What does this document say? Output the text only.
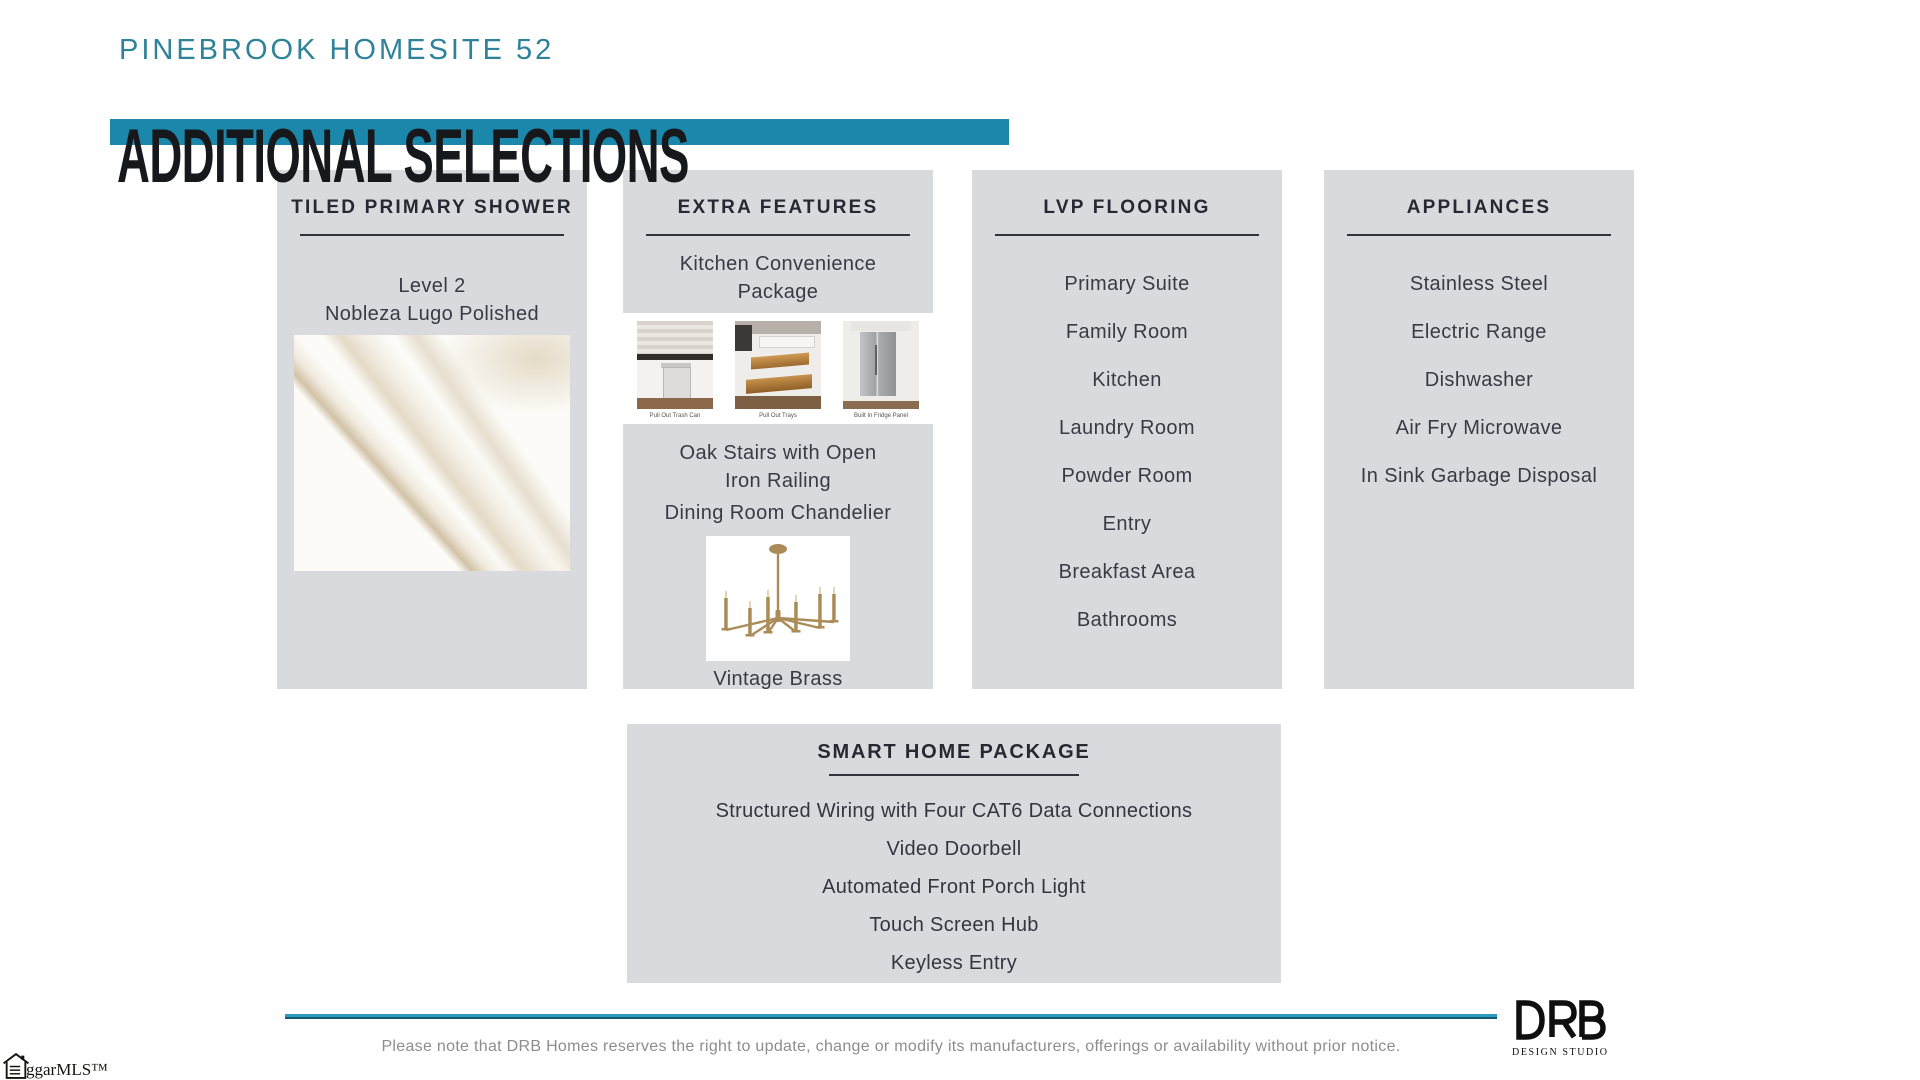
PINEBROOK HOMESITE 52
ADDITIONAL SELECTIONS
TILED PRIMARY SHOWER
Level 2
Nobleza Lugo Polished
EXTRA FEATURES
Kitchen Convenience
Package
Pull Out Trash Can	Pull Out Trays	Built In Fridge Panel
Oak Stairs with Open
Iron Railing
Dining Room Chandelier
Vintage Brass
LVP FLOORING
Primary Suite
Family Room
Kitchen
Laundry Room
Powder Room
Entry
Breakfast Area
Bathrooms
APPLIANCES
Stainless Steel
Electric Range
Dishwasher
Air Fry Microwave
In Sink Garbage Disposal
SMART HOME PACKAGE
Structured Wiring with Four CAT6 Data Connections
Video Doorbell
Automated Front Porch Light
Touch Screen Hub
Keyless Entry
Please note that DRB Homes reserves the right to update, change or modify its manufacturers, offerings or availability without prior notice.	DESIGN STUDIO
ggarMLS™
